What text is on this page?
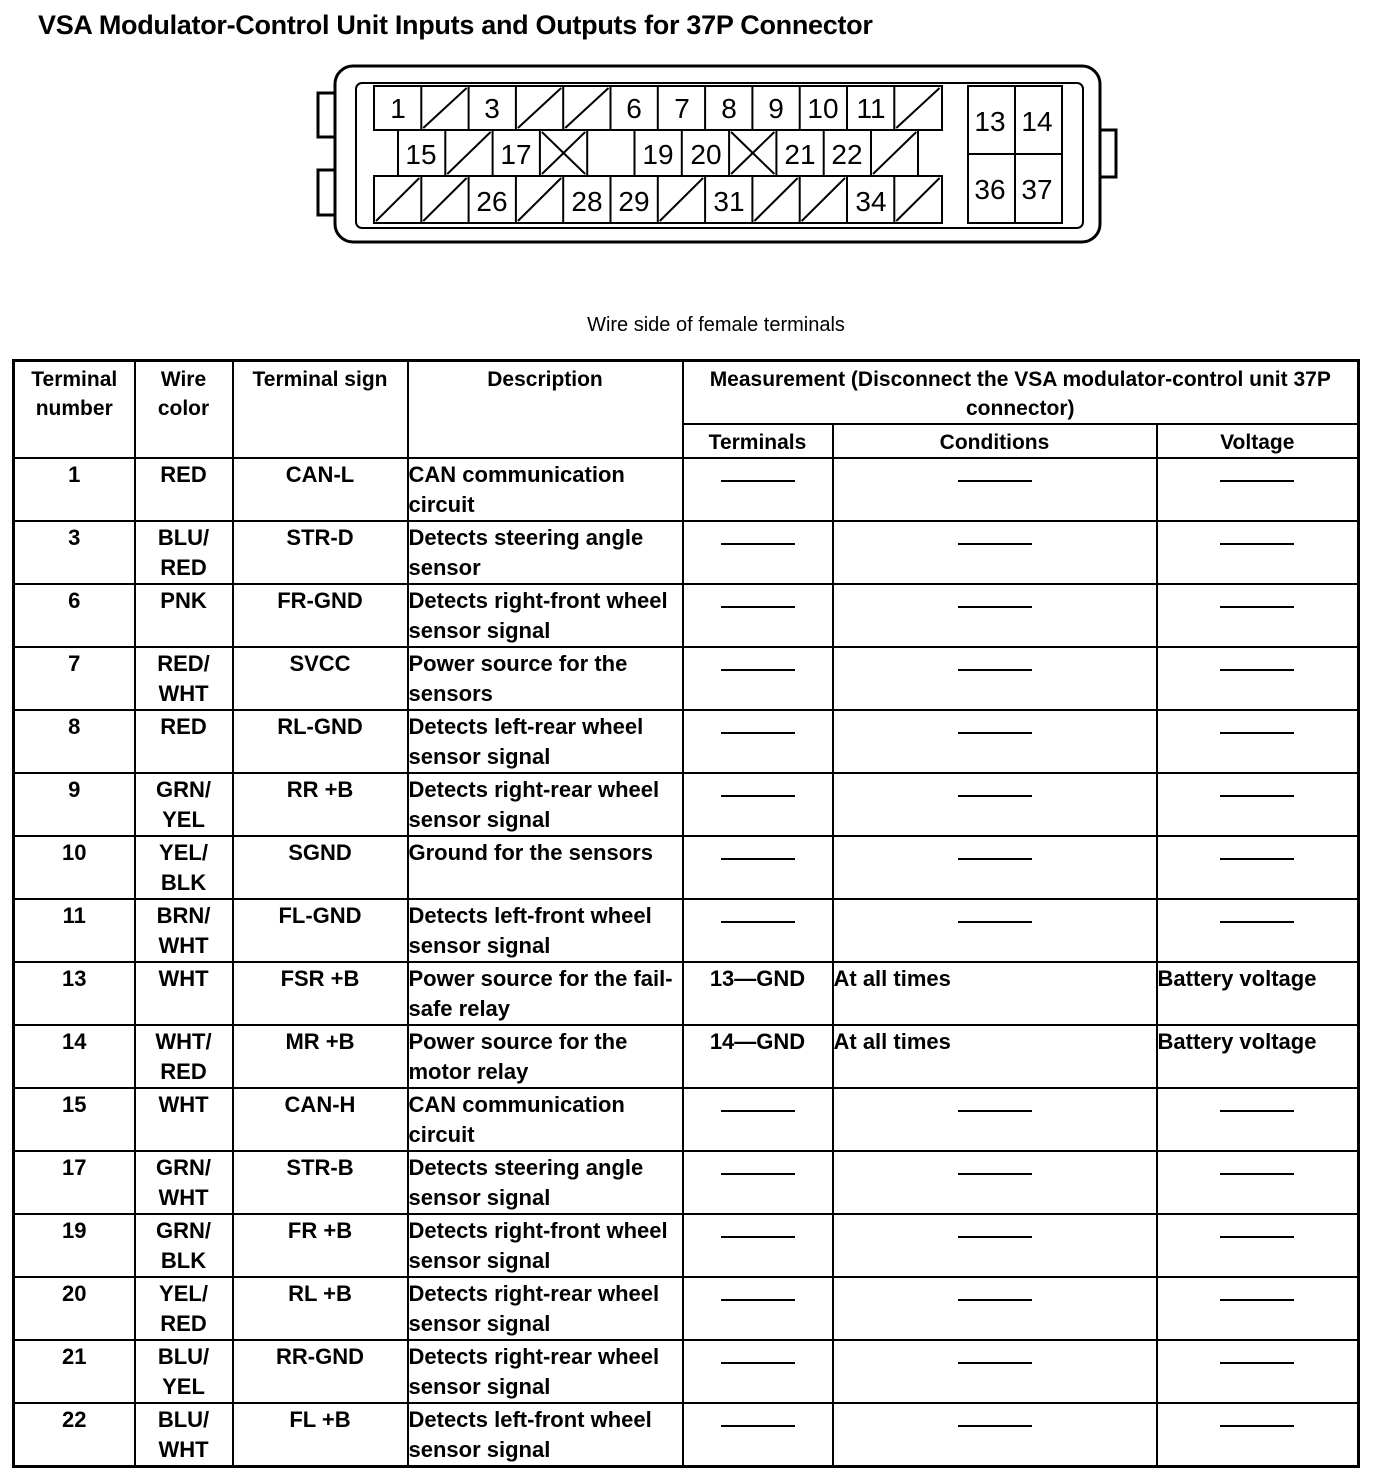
VSA Modulator-Control Unit Inputs and Outputs for 37P Connector
1	3	6 7 8 9 10 11
15 17	19 20 21 22
26 28 29 31	34
13 14
36 37
Wire side of female terminals
Terminal number	Wire color	Terminal sign	Description	Measurement (Disconnect the VSA modulator-control unit 37P connector)		
				Terminals	Conditions	Voltage
1	RED	CAN-L	CAN communication circuit			
3	BLU/ RED	STR-D	Detects steering angle sensor			
6	PNK	FR-GND	Detects right-front wheel sensor signal			
7	RED/ WHT	SVCC	Power source for the sensors			
8	RED	RL-GND	Detects left-rear wheel sensor signal			
9	GRN/ YEL	RR +B	Detects right-rear wheel sensor signal			
10	YEL/ BLK	SGND	Ground for the sensors			
11	BRN/ WHT	FL-GND	Detects left-front wheel sensor signal			
13	WHT	FSR +B	Power source for the fail-safe relay	13—GND	At all times	Battery voltage
14	WHT/ RED	MR +B	Power source for the motor relay	14—GND	At all times	Battery voltage
15	WHT	CAN-H	CAN communication circuit			
17	GRN/ WHT	STR-B	Detects steering angle sensor signal			
19	GRN/ BLK	FR +B	Detects right-front wheel sensor signal			
20	YEL/ RED	RL +B	Detects right-rear wheel sensor signal			
21	BLU/ YEL	RR-GND	Detects right-rear wheel sensor signal			
22	BLU/ WHT	FL +B	Detects left-front wheel sensor signal			
